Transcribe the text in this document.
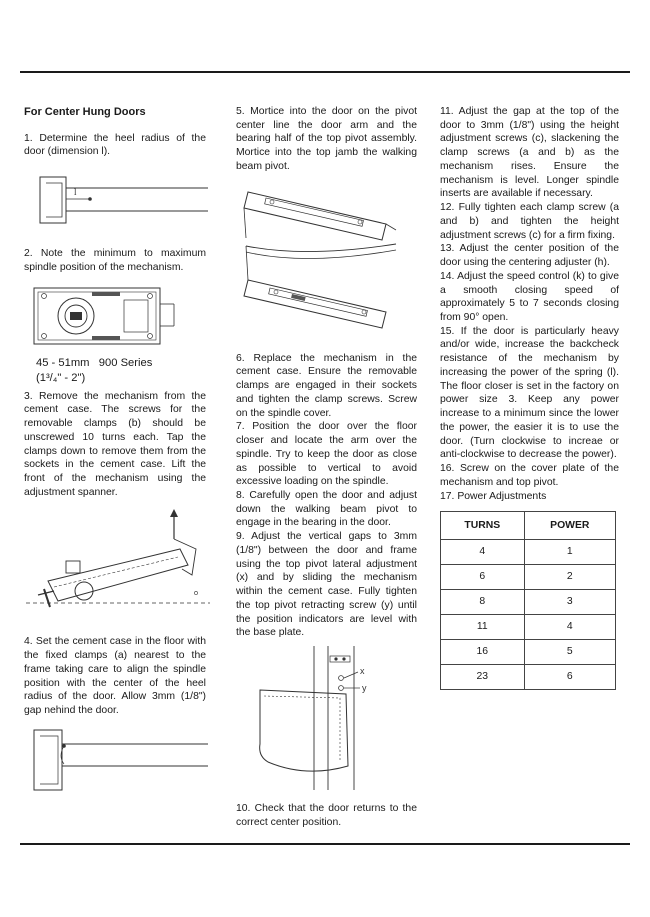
For Center Hung Doors

1. Determine the heel radius of the door (dimension l).

l

2. Note the minimum to maximum spindle position of the mechanism.

45 - 51mm 900 Series

(1³/₄" - 2")

3. Remove the mechanism from the cement case. The screws for the removable clamps (b) should be unscrewed 10 turns each. Tap the clamps down to remove them from the sockets in the cement case. Lift the front of the mechanism using the adjustment spanner.

4. Set the cement case in the floor with the fixed clamps (a) nearest to the frame taking care to align the spindle position with the center of the heel radius of the door. Allow 3mm (1/8") gap nehind the door.

5. Mortice into the door on the pivot center line the door arm and the bearing half of the top pivot assembly. Mortice into the top jamb the walking beam pivot.

6. Replace the mechanism in the cement case. Ensure the removable clamps are engaged in their sockets and tighten the clamp screws. Screw on the spindle cover.

7. Position the door over the floor closer and locate the arm over the spindle. Try to keep the door as close as possible to vertical to avoid excessive loading on the spindle.

8. Carefully open the door and adjust down the walking beam pivot to engage in the bearing in the door.

9. Adjust the vertical gaps to 3mm (1/8") between the door and frame using the top pivot lateral adjustment (x) and by sliding the mechanism within the cement case. Fully tighten the top pivot retracting screw (y) until the position indicators are level with the base plate.

x
y

10. Check that the door returns to the correct center position.

11. Adjust the gap at the top of the door to 3mm (1/8") using the height adjustment screws (c), slackening the clamp screws (a and b) as the mechanism rises. Ensure the mechanism is level. Longer spindle inserts are available if necessary.

12. Fully tighten each clamp screw (a and b) and tighten the height adjustment screws (c) for a firm fixing.

13. Adjust the center position of the door using the centering adjuster (h).

14. Adjust the speed control (k) to give a smooth closing speed of approximately 5 to 7 seconds closing from 90° open.

15. If the door is particularly heavy and/or wide, increase the backcheck resistance of the mechanism by increasing the power of the spring (l). The floor closer is set in the factory on power size 3. Keep any power increase to a minimum since the lower the power, the easier it is to use the door. (Turn clockwise to increae or anti-clockwise to decrease the power).

16. Screw on the cover plate of the mechanism and top pivot.

17. Power Adjustments

TURNS	POWER
4	1
6	2
8	3
11	4
16	5
23	6
